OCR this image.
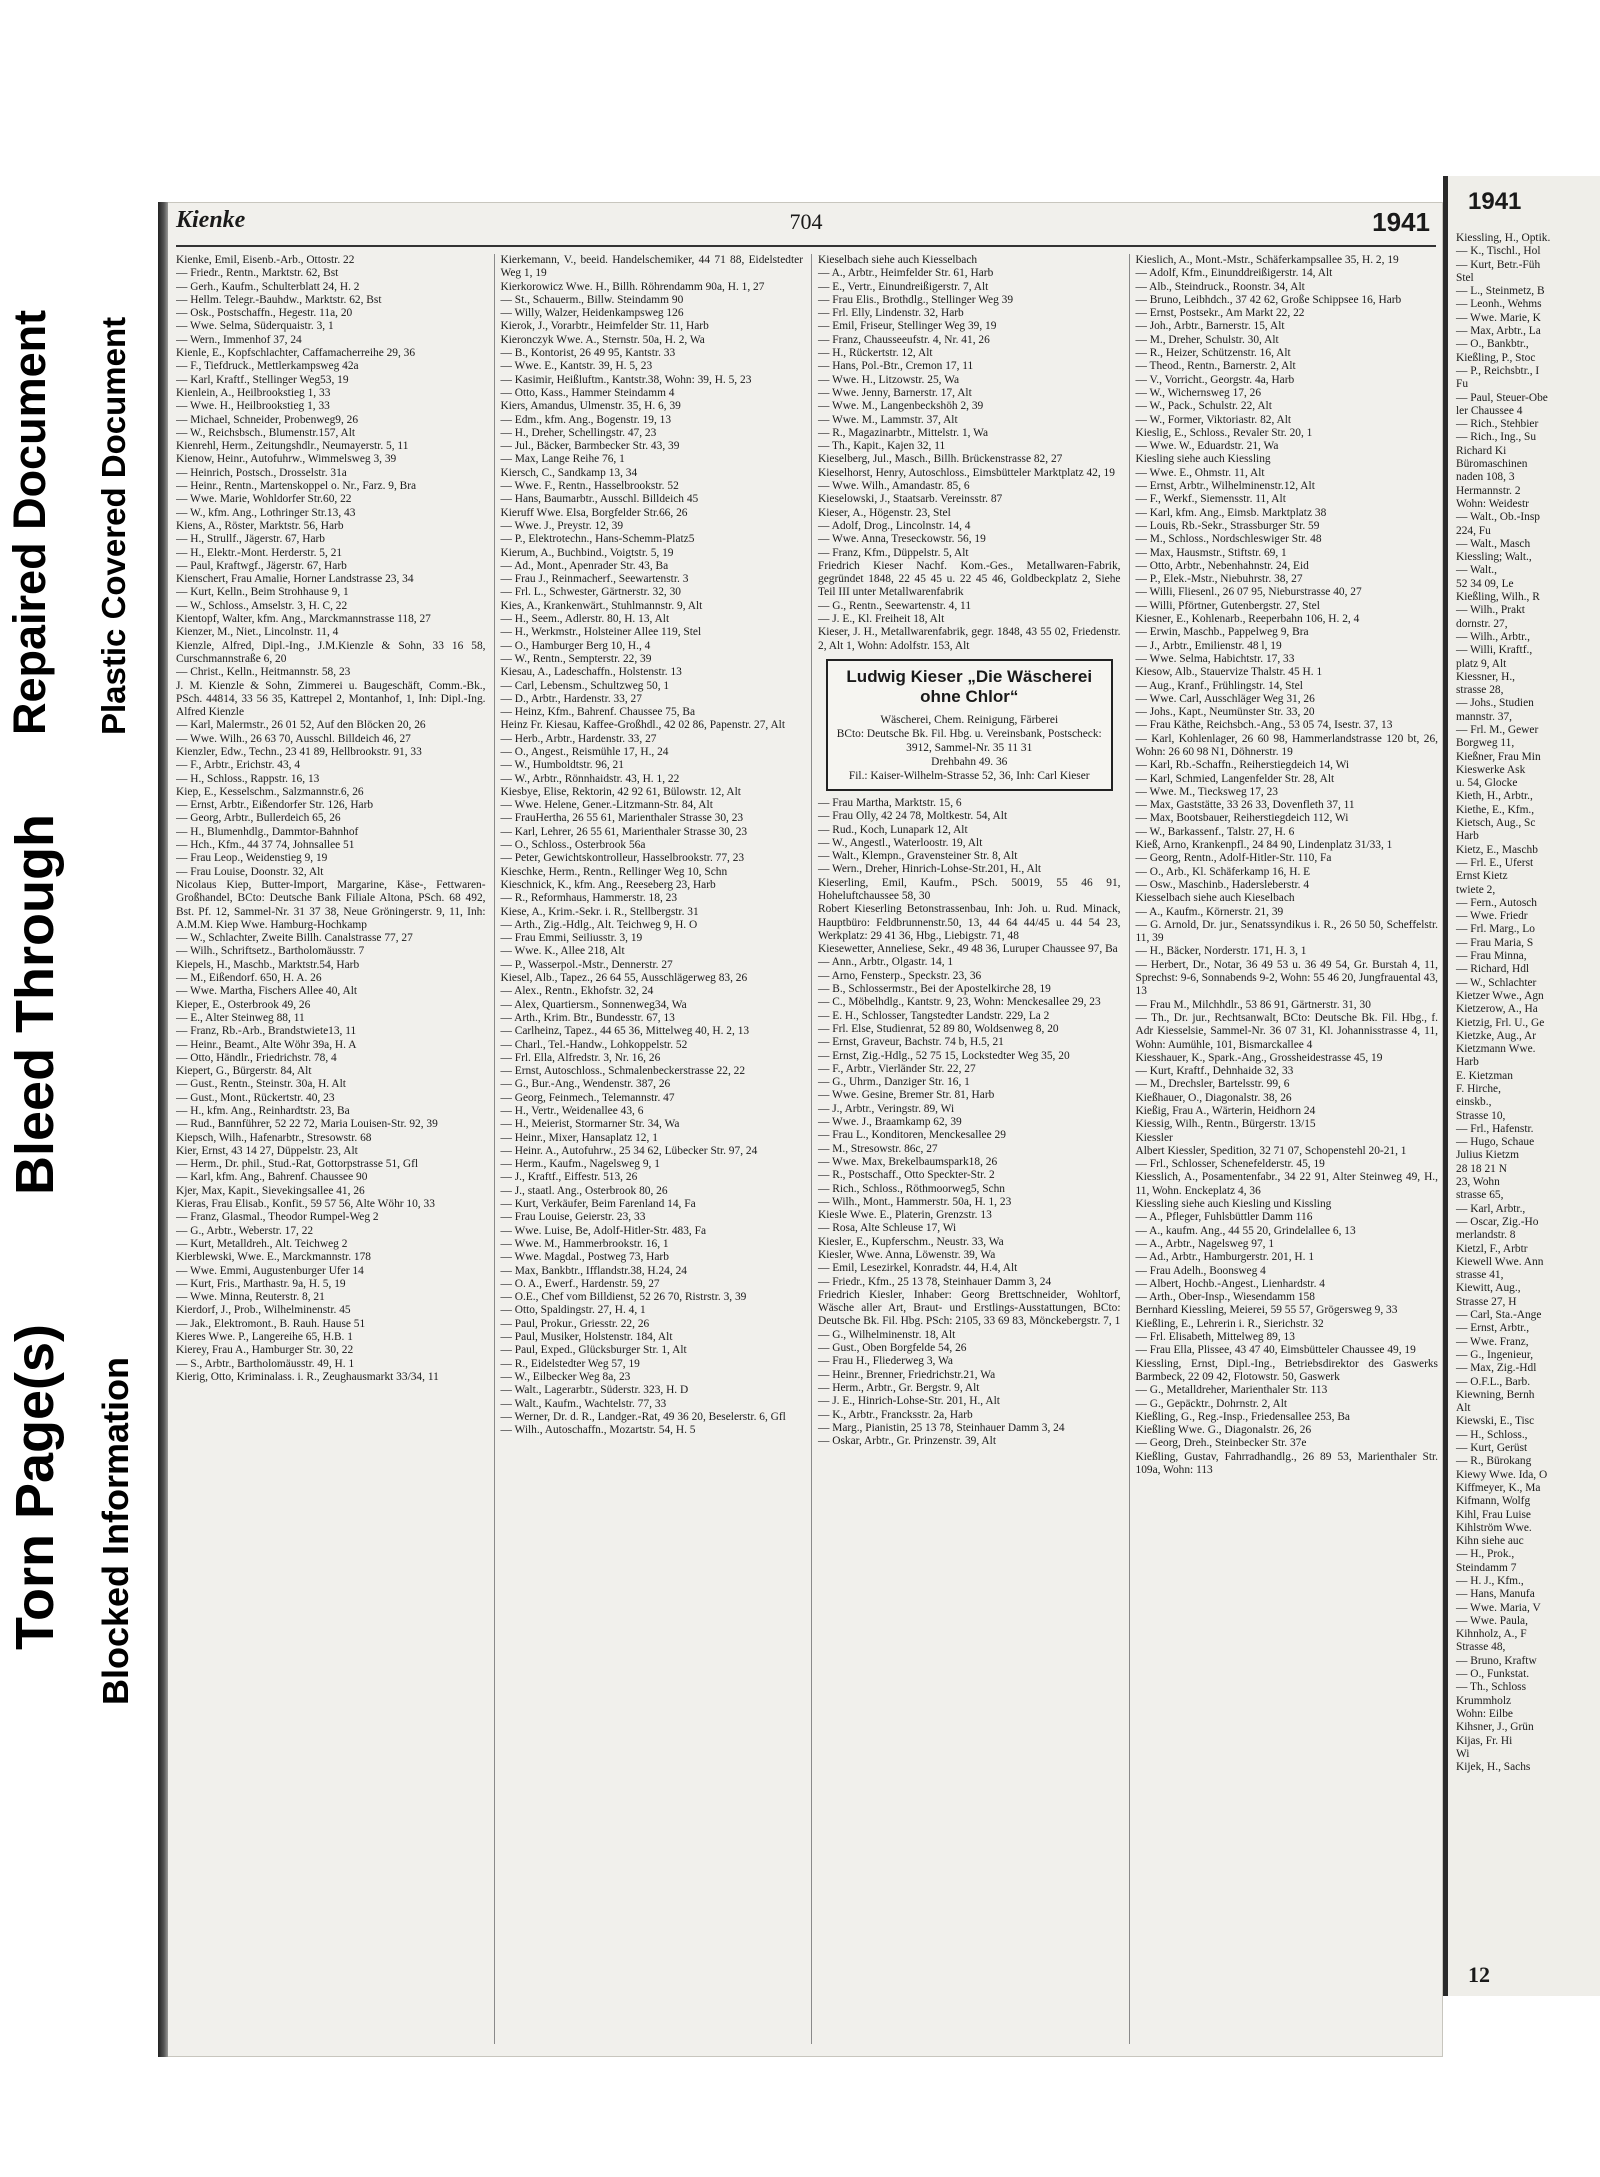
Torn Page(s)
Bleed Through
Repaired Document
Blocked Information
Plastic Covered Document
Kienke	704	1941

Kienke, Emil, Eisenb.-Arb., Ottostr. 22

— Friedr., Rentn., Marktstr. 62, Bst

— Gerh., Kaufm., Schulterblatt 24, H. 2

— Hellm. Telegr.-Bauhdw., Marktstr. 62, Bst

— Osk., Postschaffn., Hegestr. 11a, 20

— Wwe. Selma, Süderquaistr. 3, 1

— Wern., Immenhof 37, 24

Kienle, E., Kopfschlachter, Caffamacherreihe 29, 36

— F., Tiefdruck., Mettlerkampsweg 42a

— Karl, Kraftf., Stellinger Weg53, 19

Kienlein, A., Heilbrookstieg 1, 33

— Wwe. H., Heilbrookstieg 1, 33

— Michael, Schneider, Probenweg9, 26

— W., Reichsbsch., Blumenstr.157, Alt

Kienrehl, Herm., Zeitungshdlr., Neumayerstr. 5, 11

Kienow, Heinr., Autofuhrw., Wimmelsweg 3, 39

— Heinrich, Postsch., Drosselstr. 31a

— Heinr., Rentn., Martenskoppel o. Nr., Farz. 9, Bra

— Wwe. Marie, Wohldorfer Str.60, 22

— W., kfm. Ang., Lothringer Str.13, 43

Kiens, A., Röster, Marktstr. 56, Harb

— H., Strullf., Jägerstr. 67, Harb

— H., Elektr.-Mont. Herderstr. 5, 21

— Paul, Kraftwgf., Jägerstr. 67, Harb

Kienschert, Frau Amalie, Horner Landstrasse 23, 34

— Kurt, Kelln., Beim Strohhause 9, 1

— W., Schloss., Amselstr. 3, H. C, 22

Kientopf, Walter, kfm. Ang., Marckmannstrasse 118, 27

Kienzer, M., Niet., Lincolnstr. 11, 4

Kienzle, Alfred, Dipl.-Ing., J.M.Kienzle & Sohn, 33 16 58, Curschmannstraße 6, 20

— Christ., Kelln., Heitmannstr. 58, 23

J. M. Kienzle & Sohn, Zimmerei u. Baugeschäft, Comm.-Bk., PSch. 44814, 33 56 35, Kattrepel 2, Montanhof, 1, Inh: Dipl.-Ing. Alfred Kienzle

— Karl, Malermstr., 26 01 52, Auf den Blöcken 20, 26

— Wwe. Wilh., 26 63 70, Ausschl. Billdeich 46, 27

Kienzler, Edw., Techn., 23 41 89, Hellbrookstr. 91, 33

— F., Arbtr., Erichstr. 43, 4

— H., Schloss., Rappstr. 16, 13

Kiep, E., Kesselschm., Salzmannstr.6, 26

— Ernst, Arbtr., Eißendorfer Str. 126, Harb

— Georg, Arbtr., Bullerdeich 65, 26

— H., Blumenhdlg., Dammtor-Bahnhof

— Hch., Kfm., 44 37 74, Johnsallee 51

— Frau Leop., Weidenstieg 9, 19

— Frau Louise, Doonstr. 32, Alt

Nicolaus Kiep, Butter-Import, Margarine, Käse-, Fettwaren-Großhandel, BCto: Deutsche Bank Filiale Altona, PSch. 68 492, Bst. Pf. 12, Sammel-Nr. 31 37 38, Neue Gröningerstr. 9, 11, Inh: A.M.M. Kiep Wwe. Hamburg-Hochkamp

— W., Schlachter, Zweite Billh. Canalstrasse 77, 27

— Wilh., Schriftsetz., Bartholomäusstr. 7

Kiepels, H., Maschb., Marktstr.54, Harb

— M., Eißendorf. 650, H. A. 26

— Wwe. Martha, Fischers Allee 40, Alt

Kieper, E., Osterbrook 49, 26

— E., Alter Steinweg 88, 11

— Franz, Rb.-Arb., Brandstwiete13, 11

— Heinr., Beamt., Alte Wöhr 39a, H. A

— Otto, Händlr., Friedrichstr. 78, 4

Kiepert, G., Bürgerstr. 84, Alt

— Gust., Rentn., Steinstr. 30a, H. Alt

— Gust., Mont., Rückertstr. 40, 23

— H., kfm. Ang., Reinhardtstr. 23, Ba

— Rud., Bannführer, 52 22 72, Maria Louisen-Str. 92, 39

Kiepsch, Wilh., Hafenarbtr., Stresowstr. 68

Kier, Ernst, 43 14 27, Düppelstr. 23, Alt

— Herm., Dr. phil., Stud.-Rat, Gottorpstrasse 51, Gfl

— Karl, kfm. Ang., Bahrenf. Chaussee 90

Kjer, Max, Kapit., Sievekingsallee 41, 26

Kieras, Frau Elisab., Konfit., 59 57 56, Alte Wöhr 10, 33

— Franz, Glasmal., Theodor Rumpel-Weg 2

— G., Arbtr., Weberstr. 17, 22

— Kurt, Metalldreh., Alt. Teichweg 2

Kierblewski, Wwe. E., Marckmannstr. 178

— Wwe. Emmi, Augustenburger Ufer 14

— Kurt, Fris., Marthastr. 9a, H. 5, 19

— Wwe. Minna, Reuterstr. 8, 21

Kierdorf, J., Prob., Wilhelminenstr. 45

— Jak., Elektromont., B. Rauh. Hause 51

Kieres Wwe. P., Langereihe 65, H.B. 1

Kierey, Frau A., Hamburger Str. 30, 22

— S., Arbtr., Bartholomäusstr. 49, H. 1

Kierig, Otto, Kriminalass. i. R., Zeughausmarkt 33/34, 11

Kierkemann, V., beeid. Handelschemiker, 44 71 88, Eidelstedter Weg 1, 19

Kierkorowicz Wwe. H., Billh. Röhrendamm 90a, H. 1, 27

— St., Schauerm., Billw. Steindamm 90

— Willy, Walzer, Heidenkampsweg 126

Kierok, J., Vorarbtr., Heimfelder Str. 11, Harb

Kieronczyk Wwe. A., Sternstr. 50a, H. 2, Wa

— B., Kontorist, 26 49 95, Kantstr. 33

— Wwe. E., Kantstr. 39, H. 5, 23

— Kasimir, Heißluftm., Kantstr.38, Wohn: 39, H. 5, 23

— Otto, Kass., Hammer Steindamm 4

Kiers, Amandus, Ulmenstr. 35, H. 6, 39

— Edm., kfm. Ang., Bogenstr. 19, 13

— H., Dreher, Schellingstr. 47, 23

— Jul., Bäcker, Barmbecker Str. 43, 39

— Max, Lange Reihe 76, 1

Kiersch, C., Sandkamp 13, 34

— Wwe. F., Rentn., Hasselbrookstr. 52

— Hans, Baumarbtr., Ausschl. Billdeich 45

Kieruff Wwe. Elsa, Borgfelder Str.66, 26

— Wwe. J., Preystr. 12, 39

— P., Elektrotechn., Hans-Schemm-Platz5

Kierum, A., Buchbind., Voigtstr. 5, 19

— Ad., Mont., Apenrader Str. 43, Ba

— Frau J., Reinmacherf., Seewartenstr. 3

— Frl. L., Schwester, Gärtnerstr. 32, 30

Kies, A., Krankenwärt., Stuhlmannstr. 9, Alt

— H., Seem., Adlerstr. 80, H. 13, Alt

— H., Werkmstr., Holsteiner Allee 119, Stel

— O., Hamburger Berg 10, H., 4

— W., Rentn., Sempterstr. 22, 39

Kiesau, A., Ladeschaffn., Holstenstr. 13

— Carl, Lebensm., Schultzweg 50, 1

— D., Arbtr., Hardenstr. 33, 27

— Heinz, Kfm., Bahrenf. Chaussee 75, Ba

Heinz Fr. Kiesau, Kaffee-Großhdl., 42 02 86, Papenstr. 27, Alt

— Herb., Arbtr., Hardenstr. 33, 27

— O., Angest., Reismühle 17, H., 24

— W., Humboldtstr. 96, 21

— W., Arbtr., Rönnhaidstr. 43, H. 1, 22

Kiesbye, Elise, Rektorin, 42 92 61, Bülowstr. 12, Alt

— Wwe. Helene, Gener.-Litzmann-Str. 84, Alt

— FrauHertha, 26 55 61, Marienthaler Strasse 30, 23

— Karl, Lehrer, 26 55 61, Marienthaler Strasse 30, 23

— O., Schloss., Osterbrook 56a

— Peter, Gewichtskontrolleur, Hasselbrookstr. 77, 23

Kieschke, Herm., Rentn., Rellinger Weg 10, Schn

Kieschnick, K., kfm. Ang., Reeseberg 23, Harb

— R., Reformhaus, Hammerstr. 18, 23

Kiese, A., Krim.-Sekr. i. R., Stellbergstr. 31

— Arth., Zig.-Hdlg., Alt. Teichweg 9, H. O

— Frau Emmi, Seiliusstr. 3, 19

— Wwe. K., Allee 218, Alt

— P., Wasserpol.-Mstr., Dennerstr. 27

Kiesel, Alb., Tapez., 26 64 55, Ausschlägerweg 83, 26

— Alex., Rentn., Ekhofstr. 32, 24

— Alex, Quartiersm., Sonnenweg34, Wa

— Arth., Krim. Btr., Bundesstr. 67, 13

— Carlheinz, Tapez., 44 65 36, Mittelweg 40, H. 2, 13

— Charl., Tel.-Handw., Lohkoppelstr. 52

— Frl. Ella, Alfredstr. 3, Nr. 16, 26

— Ernst, Autoschloss., Schmalenbeckerstrasse 22, 22

— G., Bur.-Ang., Wendenstr. 387, 26

— Georg, Feinmech., Telemannstr. 47

— H., Vertr., Weidenallee 43, 6

— H., Meierist, Stormarner Str. 34, Wa

— Heinr., Mixer, Hansaplatz 12, 1

— Heinr. A., Autofuhrw., 25 34 62, Lübecker Str. 97, 24

— Herm., Kaufm., Nagelsweg 9, 1

— J., Kraftf., Eiffestr. 513, 26

— J., staatl. Ang., Osterbrook 80, 26

— Kurt, Verkäufer, Beim Farenland 14, Fa

— Frau Louise, Geierstr. 23, 33

— Wwe. Luise, Be, Adolf-Hitler-Str. 483, Fa

— Wwe. M., Hammerbrookstr. 16, 1

— Wwe. Magdal., Postweg 73, Harb

— Max, Bankbtr., Ifflandstr.38, H.24, 24

— O. A., Ewerf., Hardenstr. 59, 27

— O.E., Chef vom Billdienst, 52 26 70, Ristrstr. 3, 39

— Otto, Spaldingstr. 27, H. 4, 1

— Paul, Prokur., Griesstr. 22, 26

— Paul, Musiker, Holstenstr. 184, Alt

— Paul, Exped., Glücksburger Str. 1, Alt

— R., Eidelstedter Weg 57, 19

— W., Eilbecker Weg 8a, 23

— Walt., Lagerarbtr., Süderstr. 323, H. D

— Walt., Kaufm., Wachtelstr. 77, 33

— Werner, Dr. d. R., Landger.-Rat, 49 36 20, Beselerstr. 6, Gfl

— Wilh., Autoschaffn., Mozartstr. 54, H. 5

Kieselbach siehe auch Kiesselbach

— A., Arbtr., Heimfelder Str. 61, Harb

— E., Vertr., Einundreißigerstr. 7, Alt

— Frau Elis., Brothdlg., Stellinger Weg 39

— Frl. Elly, Lindenstr. 32, Harb

— Emil, Friseur, Stellinger Weg 39, 19

— Franz, Chausseeufstr. 4, Nr. 41, 26

— H., Rückertstr. 12, Alt

— Hans, Pol.-Btr., Cremon 17, 11

— Wwe. H., Litzowstr. 25, Wa

— Wwe. Jenny, Barnerstr. 17, Alt

— Wwe. M., Langenbeckshöh 2, 39

— Wwe. M., Lammstr. 37, Alt

— R., Magazinarbtr., Mittelstr. 1, Wa

— Th., Kapit., Kajen 32, 11

Kieselberg, Jul., Masch., Billh. Brückenstrasse 82, 27

Kieselhorst, Henry, Autoschloss., Eimsbütteler Marktplatz 42, 19

— Wwe. Wilh., Amandastr. 85, 6

Kieselowski, J., Staatsarb. Vereinsstr. 87

Kieser, A., Högenstr. 23, Stel

— Adolf, Drog., Lincolnstr. 14, 4

— Wwe. Anna, Treseckowstr. 56, 19

— Franz, Kfm., Düppelstr. 5, Alt

Friedrich Kieser Nachf. Kom.-Ges., Metallwaren-Fabrik, gegründet 1848, 22 45 45 u. 22 45 46, Goldbeckplatz 2, Siehe Teil III unter Metallwarenfabrik

— G., Rentn., Seewartenstr. 4, 11

— J. E., Kl. Freiheit 18, Alt

Kieser, J. H., Metallwarenfabrik, gegr. 1848, 43 55 02, Friedenstr. 2, Alt 1, Wohn: Adolfstr. 153, Alt

Ludwig Kieser „Die Wäscherei ohne Chlor“
Wäscherei, Chem. Reinigung, Färberei
BCto: Deutsche Bk. Fil. Hbg. u. Vereinsbank, Postscheck: 3912, Sammel-Nr. 35 11 31
Drehbahn 49. 36
Fil.: Kaiser-Wilhelm-Strasse 52, 36, Inh: Carl Kieser

— Frau Martha, Marktstr. 15, 6

— Frau Olly, 42 24 78, Moltkestr. 54, Alt

— Rud., Koch, Lunapark 12, Alt

— W., Angestl., Waterloostr. 19, Alt

— Walt., Klempn., Gravensteiner Str. 8, Alt

— Wern., Dreher, Hinrich-Lohse-Str.201, H., Alt

Kieserling, Emil, Kaufm., PSch. 50019, 55 46 91, Hoheluftchaussee 58, 30

Robert Kieserling Betonstrassenbau, Inh: Joh. u. Rud. Minack, Hauptbüro: Feldbrunnenstr.50, 13, 44 64 44/45 u. 44 54 23, Werkplatz: 29 41 36, Hbg., Liebigstr. 71, 48

Kiesewetter, Anneliese, Sekr., 49 48 36, Luruper Chaussee 97, Ba

— Ann., Arbtr., Olgastr. 14, 1

— Arno, Fensterp., Speckstr. 23, 36

— B., Schlossermstr., Bei der Apostelkirche 28, 19

— C., Möbelhdlg., Kantstr. 9, 23, Wohn: Menckesallee 29, 23

— E. H., Schlosser, Tangstedter Landstr. 229, La 2

— Frl. Else, Studienrat, 52 89 80, Woldsenweg 8, 20

— Ernst, Graveur, Bachstr. 74 b, H.5, 21

— Ernst, Zig.-Hdlg., 52 75 15, Lockstedter Weg 35, 20

— F., Arbtr., Vierländer Str. 22, 27

— G., Uhrm., Danziger Str. 16, 1

— Wwe. Gesine, Bremer Str. 81, Harb

— J., Arbtr., Veringstr. 89, Wi

— Wwe. J., Braamkamp 62, 39

— Frau L., Konditoren, Menckesallee 29

— M., Stresowstr. 86c, 27

— Wwe. Max, Brekelbaumspark18, 26

— R., Postschaff., Otto Speckter-Str. 2

— Rich., Schloss., Röthmoorweg5, Schn

— Wilh., Mont., Hammerstr. 50a, H. 1, 23

Kiesle Wwe. E., Platerin, Grenzstr. 13

— Rosa, Alte Schleuse 17, Wi

Kiesler, E., Kupferschm., Neustr. 33, Wa

Kiesler, Wwe. Anna, Löwenstr. 39, Wa

— Emil, Lesezirkel, Konradstr. 44, H.4, Alt

— Friedr., Kfm., 25 13 78, Steinhauer Damm 3, 24

Friedrich Kiesler, Inhaber: Georg Brettschneider, Wohltorf, Wäsche aller Art, Braut- und Erstlings-Ausstattungen, BCto: Deutsche Bk. Fil. Hbg. PSch: 2105, 33 69 83, Mönckebergstr. 7, 1

— G., Wilhelminenstr. 18, Alt

— Gust., Oben Borgfelde 54, 26

— Frau H., Fliederweg 3, Wa

— Heinr., Brenner, Friedrichstr.21, Wa

— Herm., Arbtr., Gr. Bergstr. 9, Alt

— J. E., Hinrich-Lohse-Str. 201, H., Alt

— K., Arbtr., Francksstr. 2a, Harb

— Marg., Pianistin, 25 13 78, Steinhauer Damm 3, 24

— Oskar, Arbtr., Gr. Prinzenstr. 39, Alt

Kieslich, A., Mont.-Mstr., Schäferkampsallee 35, H. 2, 19

— Adolf, Kfm., Einunddreißigerstr. 14, Alt

— Alb., Steindruck., Roonstr. 34, Alt

— Bruno, Leibhdch., 37 42 62, Große Schippsee 16, Harb

— Ernst, Postsekr., Am Markt 22, 22

— Joh., Arbtr., Barnerstr. 15, Alt

— M., Dreher, Schulstr. 30, Alt

— R., Heizer, Schützenstr. 16, Alt

— Theod., Rentn., Barnerstr. 2, Alt

— V., Vorricht., Georgstr. 4a, Harb

— W., Wichernsweg 17, 26

— W., Pack., Schulstr. 22, Alt

— W., Former, Viktoriastr. 82, Alt

Kieslig, E., Schloss., Revaler Str. 20, 1

— Wwe. W., Eduardstr. 21, Wa

Kiesling siehe auch Kiessling

— Wwe. E., Ohmstr. 11, Alt

— Ernst, Arbtr., Wilhelminenstr.12, Alt

— F., Werkf., Siemensstr. 11, Alt

— Karl, kfm. Ang., Eimsb. Marktplatz 38

— Louis, Rb.-Sekr., Strassburger Str. 59

— M., Schloss., Nordschleswiger Str. 48

— Max, Hausmstr., Stiftstr. 69, 1

— Otto, Arbtr., Nebenhahnstr. 24, Eid

— P., Elek.-Mstr., Niebuhrstr. 38, 27

— Willi, Fliesenl., 26 07 95, Nieburstrasse 40, 27

— Willi, Pförtner, Gutenbergstr. 27, Stel

Kiesner, E., Kohlenarb., Reeperbahn 106, H. 2, 4

— Erwin, Maschb., Pappelweg 9, Bra

— J., Arbtr., Emilienstr. 48 l, 19

— Wwe. Selma, Habichtstr. 17, 33

Kiesow, Alb., Stauervize Thalstr. 45 H. 1

— Aug., Kranf., Frühlingstr. 14, Stel

— Wwe. Carl, Ausschläger Weg 31, 26

— Johs., Kapt., Neumünster Str. 33, 20

— Frau Käthe, Reichsbch.-Ang., 53 05 74, Isestr. 37, 13

— Karl, Kohlenlager, 26 60 98, Hammerlandstrasse 120 bt, 26, Wohn: 26 60 98 N1, Döhnerstr. 19

— Karl, Rb.-Schaffn., Reiherstiegdeich 14, Wi

— Karl, Schmied, Langenfelder Str. 28, Alt

— Wwe. M., Tiecksweg 17, 23

— Max, Gaststätte, 33 26 33, Dovenfleth 37, 11

— Max, Bootsbauer, Reiherstiegdeich 112, Wi

— W., Barkassenf., Talstr. 27, H. 6

Kieß, Arno, Krankenpfl., 24 84 90, Lindenplatz 31/33, 1

— Georg, Rentn., Adolf-Hitler-Str. 110, Fa

— O., Arb., Kl. Schäferkamp 16, H. E

— Osw., Maschinb., Hadersleberstr. 4

Kiesselbach siehe auch Kieselbach

— A., Kaufm., Körnerstr. 21, 39

— G. Arnold, Dr. jur., Senatssyndikus i. R., 26 50 50, Scheffelstr. 11, 39

— H., Bäcker, Norderstr. 171, H. 3, 1

— Herbert, Dr., Notar, 36 49 53 u. 36 49 54, Gr. Burstah 4, 11, Sprechst: 9-6, Sonnabends 9-2, Wohn: 55 46 20, Jungfrauental 43, 13

— Frau M., Milchhdlr., 53 86 91, Gärtnerstr. 31, 30

— Th., Dr. jur., Rechtsanwalt, BCto: Deutsche Bk. Fil. Hbg., f. Adr Kiesselsie, Sammel-Nr. 36 07 31, Kl. Johannisstrasse 4, 11, Wohn: Aumühle, 101, Bismarckallee 4

Kiesshauer, K., Spark.-Ang., Grossheidestrasse 45, 19

— Kurt, Kraftf., Dehnhaide 32, 33

— M., Drechsler, Bartelsstr. 99, 6

Kießhauer, O., Diagonalstr. 38, 26

Kießig, Frau A., Wärterin, Heidhorn 24

Kiessig, Wilh., Rentn., Bürgerstr. 13/15

Kiessler

Albert Kiessler, Spedition, 32 71 07, Schopenstehl 20-21, 1

— Frl., Schlosser, Schenefelderstr. 45, 19

Kiesslich, A., Posamentenfabr., 34 22 91, Alter Steinweg 49, H., 11, Wohn. Enckeplatz 4, 36

Kiessling siehe auch Kiesling und Kissling

— A., Pfleger, Fuhlsbüttler Damm 116

— A., kaufm. Ang., 44 55 20, Grindelallee 6, 13

— A., Arbtr., Nagelsweg 97, 1

— Ad., Arbtr., Hamburgerstr. 201, H. 1

— Frau Adelh., Boonsweg 4

— Albert, Hochb.-Angest., Lienhardstr. 4

— Arth., Ober-Insp., Wiesendamm 158

Bernhard Kiessling, Meierei, 59 55 57, Grögersweg 9, 33

Kießling, E., Lehrerin i. R., Sierichstr. 32

— Frl. Elisabeth, Mittelweg 89, 13

— Frau Ella, Plissee, 43 47 40, Eimsbütteler Chaussee 49, 19

Kiessling, Ernst, Dipl.-Ing., Betriebsdirektor des Gaswerks Barmbeck, 22 09 42, Flotowstr. 50, Gaswerk

— G., Metalldreher, Marienthaler Str. 113

— G., Gepäcktr., Dohrnstr. 2, Alt

Kießling, G., Reg.-Insp., Friedensallee 253, Ba

Kießling Wwe. G., Diagonalstr. 26, 26

— Georg, Dreh., Steinbecker Str. 37e

Kießling, Gustav, Fahrradhandlg., 26 89 53, Marienthaler Str. 109a, Wohn: 113

1941
Kiessling, H., Optik.
— K., Tischl., Hol
— Kurt, Betr.-Füh
Stel
— L., Steinmetz, B
— Leonh., Wehms
— Wwe. Marie, K
— Max, Arbtr., La
— O., Bankbtr.,
Kießling, P., Stoc
— P., Reichsbtr., I
Fu
— Paul, Steuer-Obe
ler Chaussee 4
— Rich., Stehbier
— Rich., Ing., Su
Richard Ki
Büromaschinen
naden 108, 3
Hermannstr. 2
Wohn: Weidestr
— Walt., Ob.-Insp
224, Fu
— Walt., Masch
Kiessling; Walt.,
— Walt.,
52 34 09, Le
Kießling, Wilh., R
— Wilh., Prakt
dornstr. 27,
— Wilh., Arbtr.,
— Willi, Kraftf.,
platz 9, Alt
Kiessner, H.,
strasse 28,
— Johs., Studien
mannstr. 37,
— Frl. M., Gewer
Borgweg 11,
Kießner, Frau Min
Kieswerke Ask
u. 54, Glocke
Kieth, H., Arbtr.,
Kiethe, E., Kfm.,
Kietsch, Aug., Sc
Harb
Kietz, E., Maschb
— Frl. E., Uferst
Ernst Kietz
twiete 2,
— Fern., Autosch
— Wwe. Friedr
— Frl. Marg., Lo
— Frau Maria, S
— Frau Minna,
— Richard, Hdl
— W., Schlachter
Kietzer Wwe., Agn
Kietzerow, A., Ha
Kietzig, Frl. U., Ge
Kietzke, Aug., Ar
Kietzmann Wwe.
Harb
E. Kietzman
F. Hirche,
einskb.,
Strasse 10,
— Frl., Hafenstr.
— Hugo, Schaue
Julius Kietzm
28 18 21 N
23, Wohn
strasse 65,
— Karl, Arbtr.,
— Oscar, Zig.-Ho
merlandstr. 8
Kietzl, F., Arbtr
Kiewell Wwe. Ann
strasse 41,
Kiewitt, Aug.,
Strasse 27, H
— Carl, Sta.-Ange
— Ernst, Arbtr.,
— Wwe. Franz,
— G., Ingenieur,
— Max, Zig.-Hdl
— O.F.L., Barb.
Kiewning, Bernh
Alt
Kiewski, E., Tisc
— H., Schloss.,
— Kurt, Gerüst
— R., Bürokang
Kiewy Wwe. Ida, O
Kiffmeyer, K., Ma
Kifmann, Wolfg
Kihl, Frau Luise
Kihlström Wwe.
Kihn siehe auc
— H., Prok.,
Steindamm 7
— H. J., Kfm.,
— Hans, Manufa
— Wwe. Maria, V
— Wwe. Paula,
Kihnholz, A., F
Strasse 48,
— Bruno, Kraftw
— O., Funkstat.
— Th., Schloss
Krummholz
Wohn: Eilbe
Kihsner, J., Grün
Kijas, Fr. Hi
Wi
Kijek, H., Sachs
12
